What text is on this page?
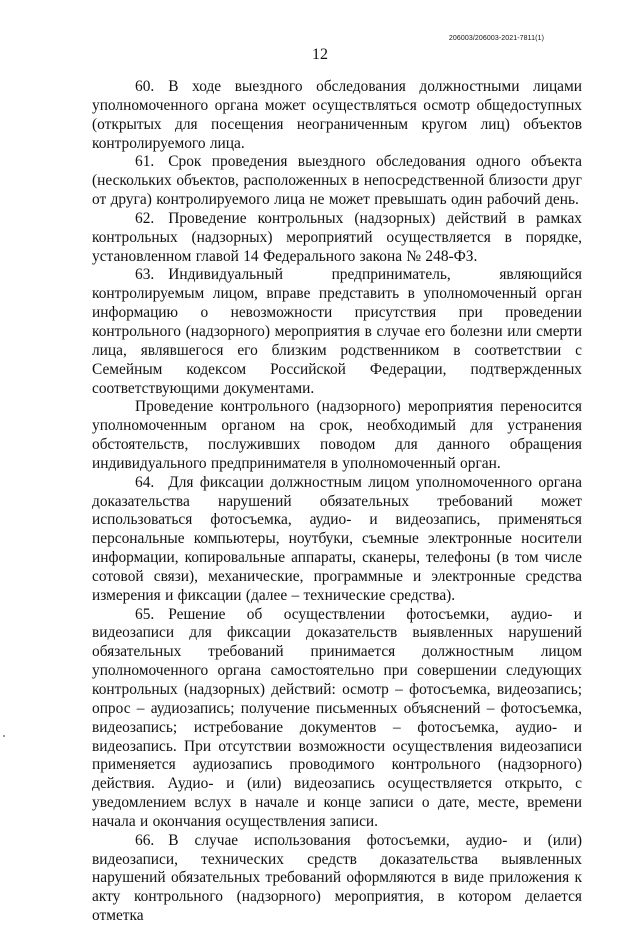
206003/206003-2021-7811(1)
12

60. В ходе выездного обследования должностными лицами уполномоченного органа может осуществляться осмотр общедоступных (открытых для посещения неограниченным кругом лиц) объектов контролируемого лица.

61. Срок проведения выездного обследования одного объекта (нескольких объектов, расположенных в непосредственной близости друг от друга) контролируемого лица не может превышать один рабочий день.

62. Проведение контрольных (надзорных) действий в рамках контрольных (надзорных) мероприятий осуществляется в порядке, установленном главой 14 Федерального закона № 248-ФЗ.

63. Индивидуальный предприниматель, являющийся контролируемым лицом, вправе представить в уполномоченный орган информацию о невозможности присутствия при проведении контрольного (надзорного) мероприятия в случае его болезни или смерти лица, являвшегося его близким родственником в соответствии с Семейным кодексом Российской Федерации, подтвержденных соответствующими документами.

Проведение контрольного (надзорного) мероприятия переносится уполномоченным органом на срок, необходимый для устранения обстоятельств, послуживших поводом для данного обращения индивидуального предпринимателя в уполномоченный орган.

64. Для фиксации должностным лицом уполномоченного органа доказательства нарушений обязательных требований может использоваться фотосъемка, аудио- и видеозапись, применяться персональные компьютеры, ноутбуки, съемные электронные носители информации, копировальные аппараты, сканеры, телефоны (в том числе сотовой связи), механические, программные и электронные средства измерения и фиксации (далее – технические средства).

65. Решение об осуществлении фотосъемки, аудио- и видеозаписи для фиксации доказательств выявленных нарушений обязательных требований принимается должностным лицом уполномоченного органа самостоятельно при совершении следующих контрольных (надзорных) действий: осмотр – фотосъемка, видеозапись; опрос – аудиозапись; получение письменных объяснений – фотосъемка, видеозапись; истребование документов – фотосъемка, аудио- и видеозапись. При отсутствии возможности осуществления видеозаписи применяется аудиозапись проводимого контрольного (надзорного) действия. Аудио- и (или) видеозапись осуществляется открыто, с уведомлением вслух в начале и конце записи о дате, месте, времени начала и окончания осуществления записи.

66. В случае использования фотосъемки, аудио- и (или) видеозаписи, технических средств доказательства выявленных нарушений обязательных требований оформляются в виде приложения к акту контрольного (надзорного) мероприятия, в котором делается отметка
